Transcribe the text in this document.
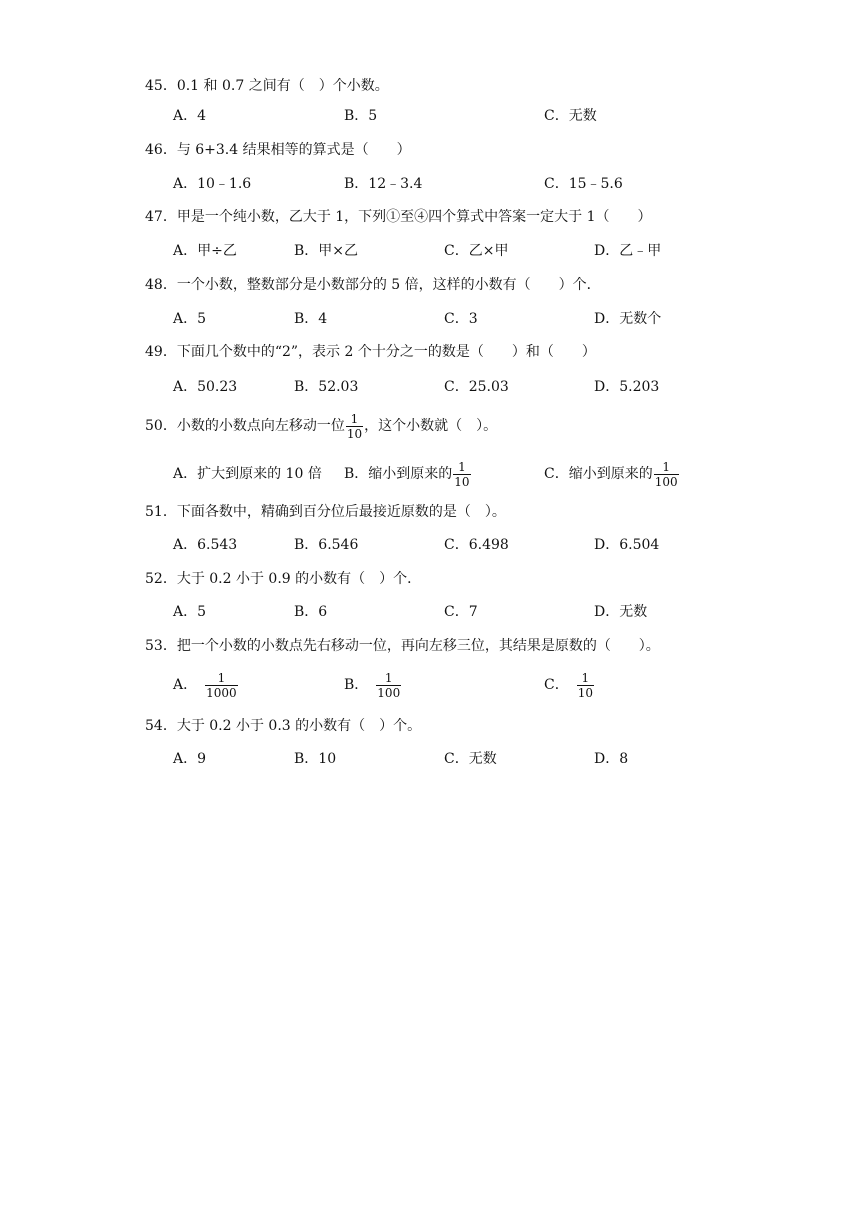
45．0.1 和 0.7 之间有（　）个小数。
A．4	B．5	C．无数
46．与 6+3.4 结果相等的算式是（　　）
A．10﹣1.6	B．12﹣3.4	C．15﹣5.6
47．甲是一个纯小数，乙大于 1，下列①至④四个算式中答案一定大于 1（　　）
A．甲÷乙	B．甲×乙	C．乙×甲	D．乙﹣甲
48．一个小数，整数部分是小数部分的 5 倍，这样的小数有（　　）个．
A．5	B．4	C．3	D．无数个
49．下面几个数中的“2”，表示 2 个十分之一的数是（　　）和（　　）
A．50.23	B．52.03	C．25.03	D．5.203
50．小数的小数点向左移动一位 $\frac{1}{10}$ ，这个小数就（　）。
A．扩大到原来的 10 倍 B．缩小到原来的 $\frac{1}{10}$	C．缩小到原来的 $\frac{1}{100}$
51．下面各数中，精确到百分位后最接近原数的是（　）。
A．6.543	B．6.546	C．6.498	D．6.504
52．大于 0.2 小于 0.9 的小数有（　）个．
A．5	B．6	C．7	D．无数
53．把一个小数的小数点先右移动一位，再向左移三位，其结果是原数的（　　）。
A． $\frac{1}{1000}$	B． $\frac{1}{100}$	C． $\frac{1}{10}$
54．大于 0.2 小于 0.3 的小数有（　）个。
A．9	B．10	C．无数	D．8
